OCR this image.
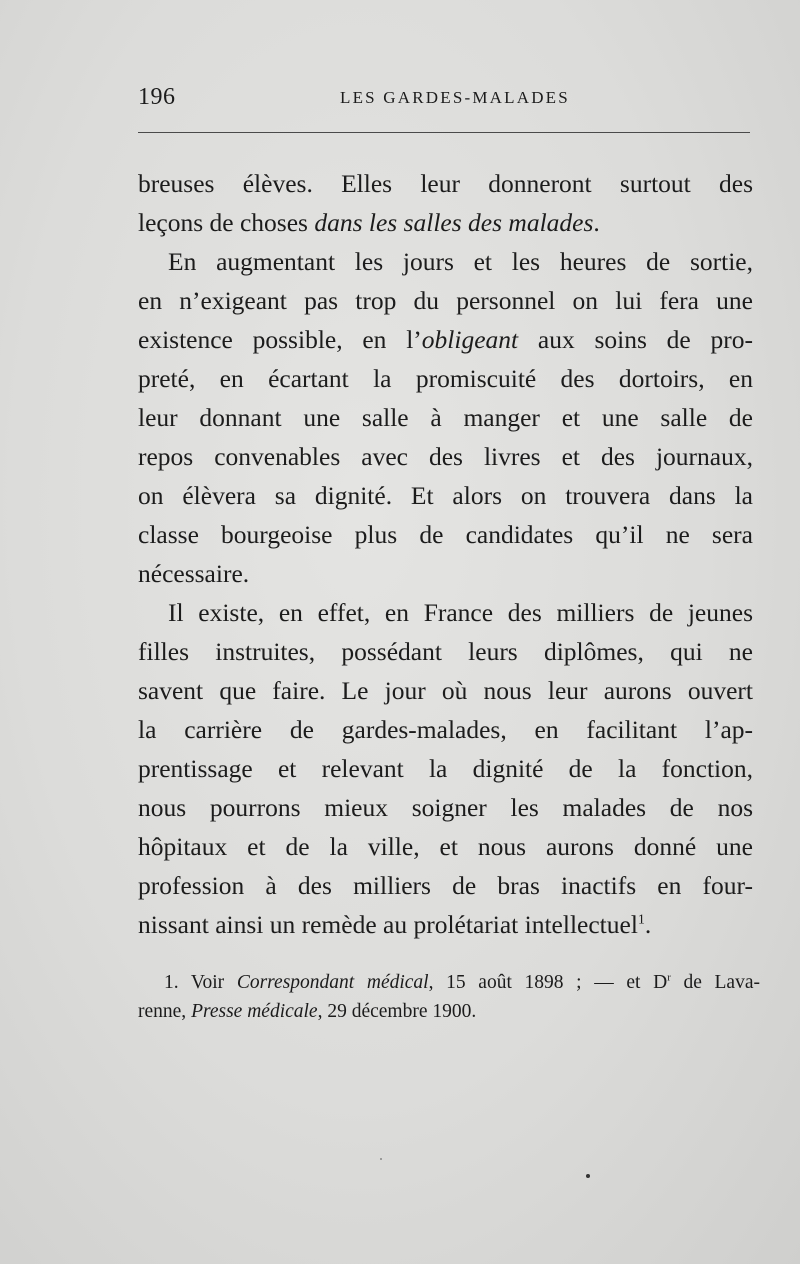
196	LES GARDES-MALADES

breuses élèves. Elles leur donneront surtout des
leçons de choses dans les salles des malades.

En augmentant les jours et les heures de sortie,
en n’exigeant pas trop du personnel on lui fera une
existence possible, en l’obligeant aux soins de pro-
preté, en écartant la promiscuité des dortoirs, en
leur donnant une salle à manger et une salle de
repos convenables avec des livres et des journaux,
on élèvera sa dignité. Et alors on trouvera dans la
classe bourgeoise plus de candidates qu’il ne sera
nécessaire.

Il existe, en effet, en France des milliers de jeunes
filles instruites, possédant leurs diplômes, qui ne
savent que faire. Le jour où nous leur aurons ouvert
la carrière de gardes-malades, en facilitant l’ap-
prentissage et relevant la dignité de la fonction,
nous pourrons mieux soigner les malades de nos
hôpitaux et de la ville, et nous aurons donné une
profession à des milliers de bras inactifs en four-
nissant ainsi un remède au prolétariat intellectuel$^1$.

1. Voir Correspondant médical, 15 août 1898 ; — et $D^r$ de Lava-
renne, Presse médicale, 29 décembre 1900.
